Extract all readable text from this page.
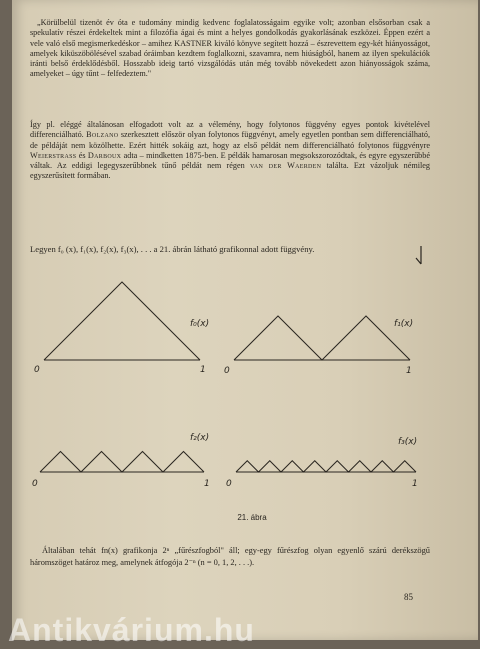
„Körülbelül tizenöt év óta e tudomány mindig kedvenc foglalatosságaim egyike volt; azonban elsősorban csak a spekulatív részei érdekeltek mint a filozófia ágai és mint a helyes gondolkodás gyakorlásának eszközei. Éppen ezért a vele való első megismerkedéskor – amihez KASTNER kiváló könyve segített hozzá – észrevettem egy-két hiányosságot, amelyek kiküszöbölésével szabad óráimban kezdtem foglalkozni, szavamra, nem hiúságból, hanem az ilyen spekulációk iránti belső érdeklődésből. Hosszabb ideig tartó vizsgálódás után még tovább növekedett azon hiányosságok száma, amelyeket – úgy tűnt – felfedeztem."

Így pl. eléggé általánosan elfogadott volt az a vélemény, hogy folytonos függvény egyes pontok kivételével differenciálható. Bolzano szerkesztett először olyan folytonos függvényt, amely egyetlen pontban sem differenciálható, de példáját nem közölhette. Ezért hitték sokáig azt, hogy az első példát nem differenciálható folytonos függvényre Weierstrass és Darboux adta – mindketten 1875-ben. E példák hamarosan megsokszorozódtak, és egyre egyszerűbbé váltak. Az eddigi legegyszerűbbnek tűnő példát nem régen van der Waerden találta. Ezt vázoljuk némileg egyszerűsített formában.

Legyen f₀ (x), f₁(x), f₂(x), f₃(x), . . . a 21. ábrán látható grafikonnal adott függvény.
0	1
f₀(x)
0	1
f₁(x)
0	1
f₂(x)
0	1
f₃(x)
21. ábra

Általában tehát fn(x) grafikonja 2ⁿ „fűrészfogból" áll; egy-egy fűrészfog olyan egyenlő szárú derékszögű háromszöget határoz meg, amelynek átfogója 2⁻ⁿ (n = 0, 1, 2, . . .).

85
Antikvárium.hu
